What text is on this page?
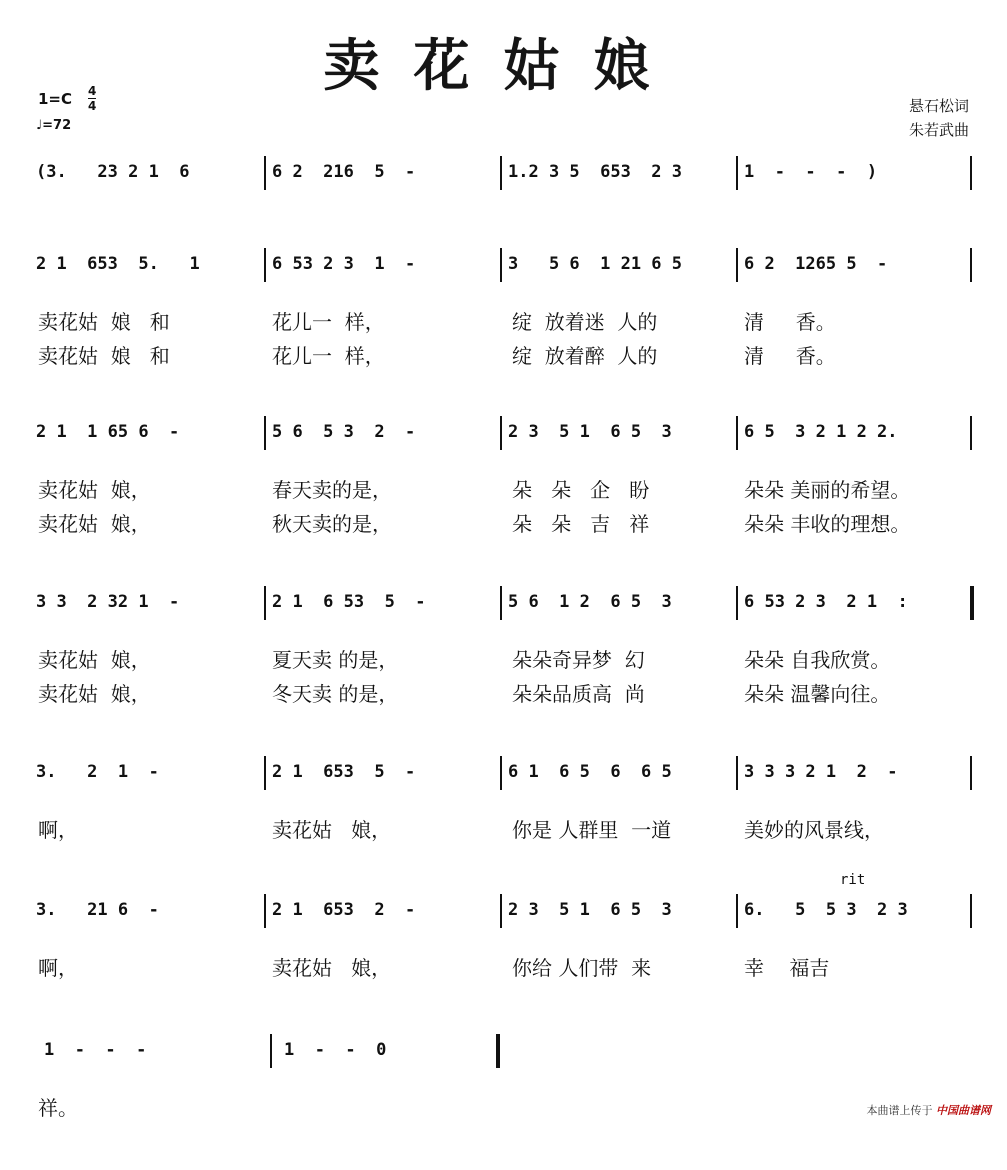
卖花姑娘
1=C 4
4
♩=72
悬石松词
朱若武曲
(3.   23 2 1  6	6 2  216  5  -	1.2 3 5  653  2 3	1  -  -  -  )
2 1  653  5.   1	6 53 2 3  1  -	3   5 6  1 21 6 5	6 2  1265 5  -
卖花姑  娘   和	花儿一  样，	绽  放着迷  人的	清     香。
卖花姑  娘   和	花儿一  样，	绽  放着醉  人的	清     香。
2 1  1 65 6  -	5 6  5 3  2  -	2 3  5 1  6 5  3	6 5  3 2 1 2 2.
卖花姑  娘，	春天卖的是，	朵   朵   企   盼	朵朵 美丽的希望。
卖花姑  娘，	秋天卖的是，	朵   朵   吉   祥	朵朵 丰收的理想。
3 3  2 32 1  -	2 1  6 53  5  -	5 6  1 2  6 5  3	6 53 2 3  2 1  :
卖花姑  娘，	夏天卖 的是，	朵朵奇异梦  幻	朵朵 自我欣赏。
卖花姑  娘，	冬天卖 的是，	朵朵品质高  尚	朵朵 温馨向往。
3.   2  1  -	2 1  653  5  -	6 1  6 5  6  6 5	3 3 3 2 1  2  -
啊，	卖花姑   娘，	你是 人群里  一道	美妙的风景线，
3.   21 6  -	2 1  653  2  -	2 3  5 1  6 5  3	6.   5  5 3  2 3
啊，	卖花姑   娘，	你给 人们带  来	幸    福吉
1  -  -  -	1  -  -  0
祥。
rit
本曲谱上传于 中国曲谱网
